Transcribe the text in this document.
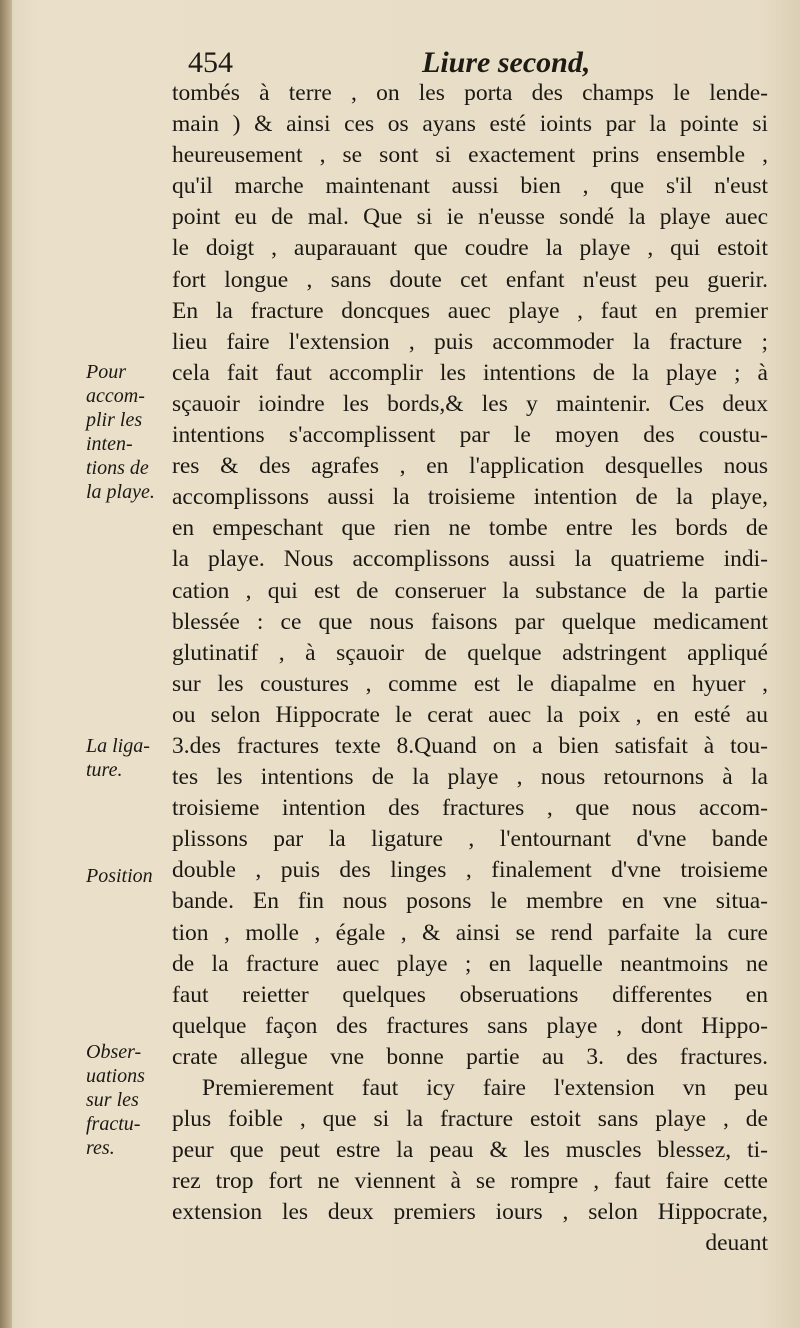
454	Liure second,
tombés à terre , on les porta des champs le lende-
main ) & ainsi ces os ayans esté ioints par la pointe si
heureusement , se sont si exactement prins ensemble ,
qu'il marche maintenant aussi bien , que s'il n'eust
point eu de mal. Que si ie n'eusse sondé la playe auec
le doigt , auparauant que coudre la playe , qui estoit
fort longue , sans doute cet enfant n'eust peu guerir.
En la fracture doncques auec playe , faut en premier
lieu faire l'extension , puis accommoder la fracture ;
cela fait faut accomplir les intentions de la playe ; à
sçauoir ioindre les bords,& les y maintenir. Ces deux
intentions s'accomplissent par le moyen des coustu-
res & des agrafes , en l'application desquelles nous
accomplissons aussi la troisieme intention de la playe,
en empeschant que rien ne tombe entre les bords de
la playe. Nous accomplissons aussi la quatrieme indi-
cation , qui est de conseruer la substance de la partie
blessée : ce que nous faisons par quelque medicament
glutinatif , à sçauoir de quelque adstringent appliqué
sur les coustures , comme est le diapalme en hyuer ,
ou selon Hippocrate le cerat auec la poix , en esté au
3.des fractures texte 8.Quand on a bien satisfait à tou-
tes les intentions de la playe , nous retournons à la
troisieme intention des fractures , que nous accom-
plissons par la ligature , l'entournant d'vne bande
double , puis des linges , finalement d'vne troisieme
bande. En fin nous posons le membre en vne situa-
tion , molle , égale , & ainsi se rend parfaite la cure
de la fracture auec playe ; en laquelle neantmoins ne
faut reietter quelques obseruations differentes en
quelque façon des fractures sans playe , dont Hippo-
crate allegue vne bonne partie au 3. des fractures.
Premierement faut icy faire l'extension vn peu
plus foible , que si la fracture estoit sans playe , de
peur que peut estre la peau & les muscles blessez, ti-
rez trop fort ne viennent à se rompre , faut faire cette
extension les deux premiers iours , selon Hippocrate,
deuant
Pour
accom-
plir les
inten-
tions de
la playe.
La liga-
ture.
Position
Obser-
uations
sur les
fractu-
res.
